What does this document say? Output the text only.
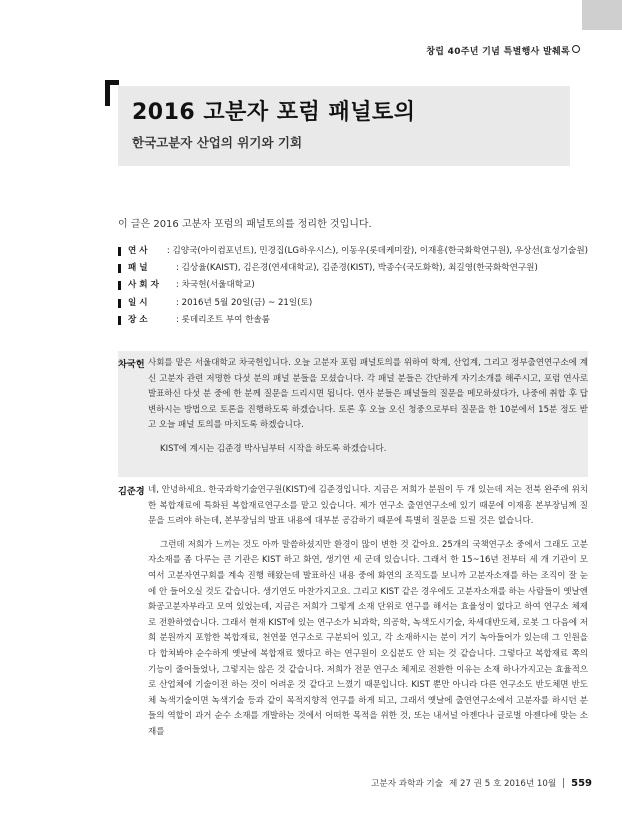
창립 40주년 기념 특별행사 발췌록
2016 고분자 포럼 패널토의
한국고분자 산업의 위기와 기회

이 글은 2016 고분자 포럼의 패널토의를 정리한 것입니다.

연 사	: 김양국(아이컴포넌트), 민경집(LG하우시스), 이동우(롯데케미칼), 이재흥(한국화학연구원), 우상선(효성기술원)
패 널	: 김상율(KAIST), 김은경(연세대학교), 김준경(KIST), 박종수(국도화학), 최길영(한국화학연구원)
사 회 자	: 차국헌(서울대학교)
일 시	: 2016년 5월 20일(금) ~ 21일(토)
장 소	: 롯데리조트 부여 한솔룸
차국헌 사회를 맡은 서울대학교 차국헌입니다. 오늘 고분자 포럼 패널토의를 위하여 학계, 산업계, 그리고 정부출연연구소에 계신 고분자 관련 저명한 다섯 분의 패널 분들을 모셨습니다. 각 패널 분들은 간단하게 자기소개를 해주시고, 포럼 연사로 발표하신 다섯 분 중에 한 분께 질문을 드리시면 됩니다. 연사 분들은 패널들의 질문을 메모하셨다가, 나중에 취합 후 답변하시는 방법으로 토론을 진행하도록 하겠습니다. 토론 후 오늘 오신 청중으로부터 질문을 한 10분에서 15분 정도 받고 오늘 패널 토의를 마치도록 하겠습니다.

KIST에 계시는 김준경 박사님부터 시작을 하도록 하겠습니다.

김준경 네, 안녕하세요. 한국과학기술연구원(KIST)에 김준경입니다. 지금은 저희가 분원이 두 개 있는데 저는 전북 완주에 위치한 복합재료에 특화된 복합재료연구소를 맡고 있습니다. 제가 연구소 출연연구소에 있기 때문에 이재흥 본부장님께 질문을 드려야 하는데, 본부장님의 발표 내용에 대부분 공감하기 때문에 특별히 질문을 드릴 것은 없습니다.

그런데 저희가 느끼는 것도 아까 말씀하셨지만 환경이 많이 변한 것 같아요. 25개의 국책연구소 중에서 그래도 고분자소재를 좀 다루는 큰 기관은 KIST 하고 화연, 생기연 세 군데 있습니다. 그래서 한 15~16년 전부터 세 개 기관이 모여서 고분자연구회를 계속 진행 해왔는데 발표하신 내용 중에 화연의 조직도를 보니까 고분자소재를 하는 조직이 잘 눈에 안 들어오실 것도 같습니다. 생기연도 마찬가지고요. 그리고 KIST 같은 경우에도 고분자소재를 하는 사람들이 옛날엔 화공고분자부라고 모여 있었는데, 지금은 저희가 그렇게 소재 단위로 연구를 해서는 효율성이 없다고 하여 연구소 체제로 전환하였습니다. 그래서 현재 KIST에 있는 연구소가 뇌과학, 의공학, 녹색도시기술, 차세대반도체, 로봇 그 다음에 저희 분원까지 포함한 복합재료, 천연물 연구소로 구분되어 있고, 각 소재하시는 분이 거기 녹아들어가 있는데 그 인원을 다 합쳐봐야 순수하게 옛날에 복합재료 했다고 하는 연구원이 오십분도 안 되는 것 같습니다. 그렇다고 복합재료 쪽의 기능이 줄어들었나, 그렇지는 않은 것 같습니다. 저희가 전문 연구소 체제로 전환한 이유는 소재 하나가지고는 효율적으로 산업체에 기술이전 하는 것이 어려운 것 같다고 느꼈기 때문입니다. KIST 뿐만 아니라 다른 연구소도 반도체면 반도체 녹색기술이면 녹색기술 등과 같이 목적지향적 연구를 하게 되고, 그래서 옛날에 출연연구소에서 고분자를 하시던 분들의 역할이 과거 순수 소재를 개발하는 것에서 어떠한 목적을 위한 것, 또는 내셔널 아젠다나 글로벌 아젠다에 맞는 소재를

고분자 과학과 기술 제 27 권 5 호 2016년 10월 559
